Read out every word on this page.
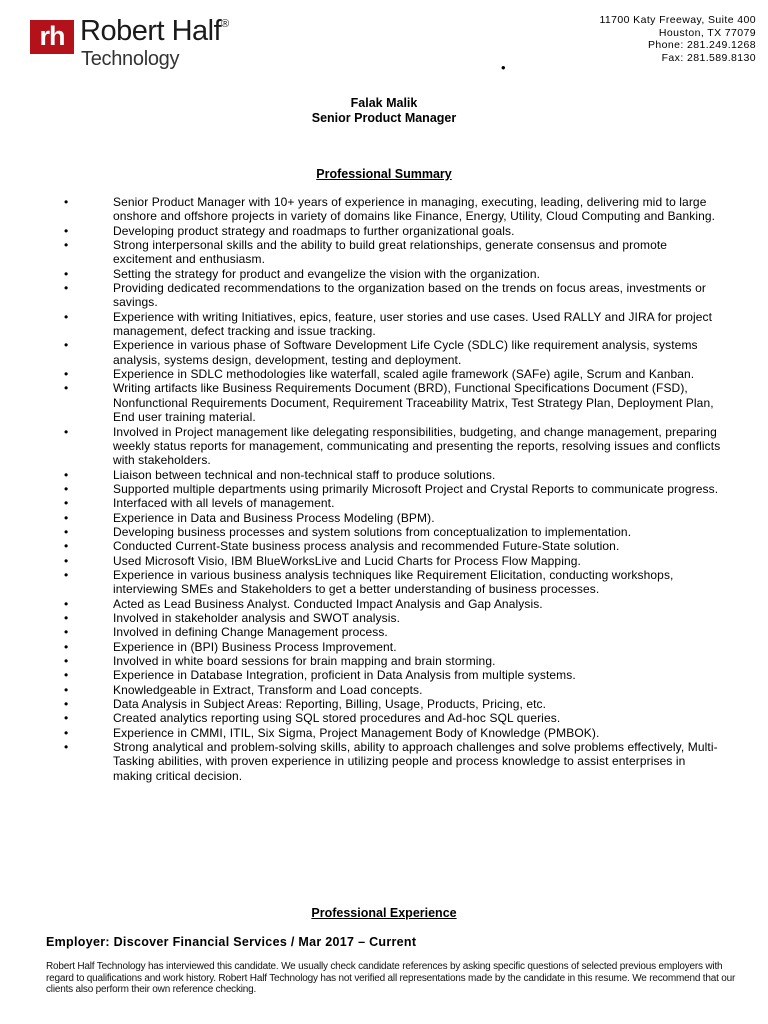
rh Robert Half®
Technology
11700 Katy Freeway, Suite 400
Houston, TX 77079
Phone: 281.249.1268
Fax: 281.589.8130
•
Falak Malik
Senior Product Manager
Professional Summary
•	Senior Product Manager with 10+ years of experience in managing, executing, leading, delivering mid to large onshore and offshore projects in variety of domains like Finance, Energy, Utility, Cloud Computing and Banking.
•	Developing product strategy and roadmaps to further organizational goals.
•	Strong interpersonal skills and the ability to build great relationships, generate consensus and promote excitement and enthusiasm.
•	Setting the strategy for product and evangelize the vision with the organization.
•	Providing dedicated recommendations to the organization based on the trends on focus areas, investments or savings.
•	Experience with writing Initiatives, epics, feature, user stories and use cases. Used RALLY and JIRA for project management, defect tracking and issue tracking.
•	Experience in various phase of Software Development Life Cycle (SDLC) like requirement analysis, systems analysis, systems design, development, testing and deployment.
•	Experience in SDLC methodologies like waterfall, scaled agile framework (SAFe) agile, Scrum and Kanban.
•	Writing artifacts like Business Requirements Document (BRD), Functional Specifications Document (FSD), Nonfunctional Requirements Document, Requirement Traceability Matrix, Test Strategy Plan, Deployment Plan, End user training material.
•	Involved in Project management like delegating responsibilities, budgeting, and change management, preparing weekly status reports for management, communicating and presenting the reports, resolving issues and conflicts with stakeholders.
•	Liaison between technical and non-technical staff to produce solutions.
•	Supported multiple departments using primarily Microsoft Project and Crystal Reports to communicate progress.
•	Interfaced with all levels of management.
•	Experience in Data and Business Process Modeling (BPM).
•	Developing business processes and system solutions from conceptualization to implementation.
•	Conducted Current-State business process analysis and recommended Future-State solution.
•	Used Microsoft Visio, IBM BlueWorksLive and Lucid Charts for Process Flow Mapping.
•	Experience in various business analysis techniques like Requirement Elicitation, conducting workshops, interviewing SMEs and Stakeholders to get a better understanding of business processes.
•	Acted as Lead Business Analyst. Conducted Impact Analysis and Gap Analysis.
•	Involved in stakeholder analysis and SWOT analysis.
•	Involved in defining Change Management process.
•	Experience in (BPI) Business Process Improvement.
•	Involved in white board sessions for brain mapping and brain storming.
•	Experience in Database Integration, proficient in Data Analysis from multiple systems.
•	Knowledgeable in Extract, Transform and Load concepts.
•	Data Analysis in Subject Areas: Reporting, Billing, Usage, Products, Pricing, etc.
•	Created analytics reporting using SQL stored procedures and Ad-hoc SQL queries.
•	Experience in CMMI, ITIL, Six Sigma, Project Management Body of Knowledge (PMBOK).
•	Strong analytical and problem-solving skills, ability to approach challenges and solve problems effectively, Multi-Tasking abilities, with proven experience in utilizing people and process knowledge to assist enterprises in making critical decision.
Professional Experience
Employer: Discover Financial Services / Mar 2017 – Current
Robert Half Technology has interviewed this candidate. We usually check candidate references by asking specific questions of selected previous employers with regard to qualifications and work history. Robert Half Technology has not verified all representations made by the candidate in this resume. We recommend that our clients also perform their own reference checking.
